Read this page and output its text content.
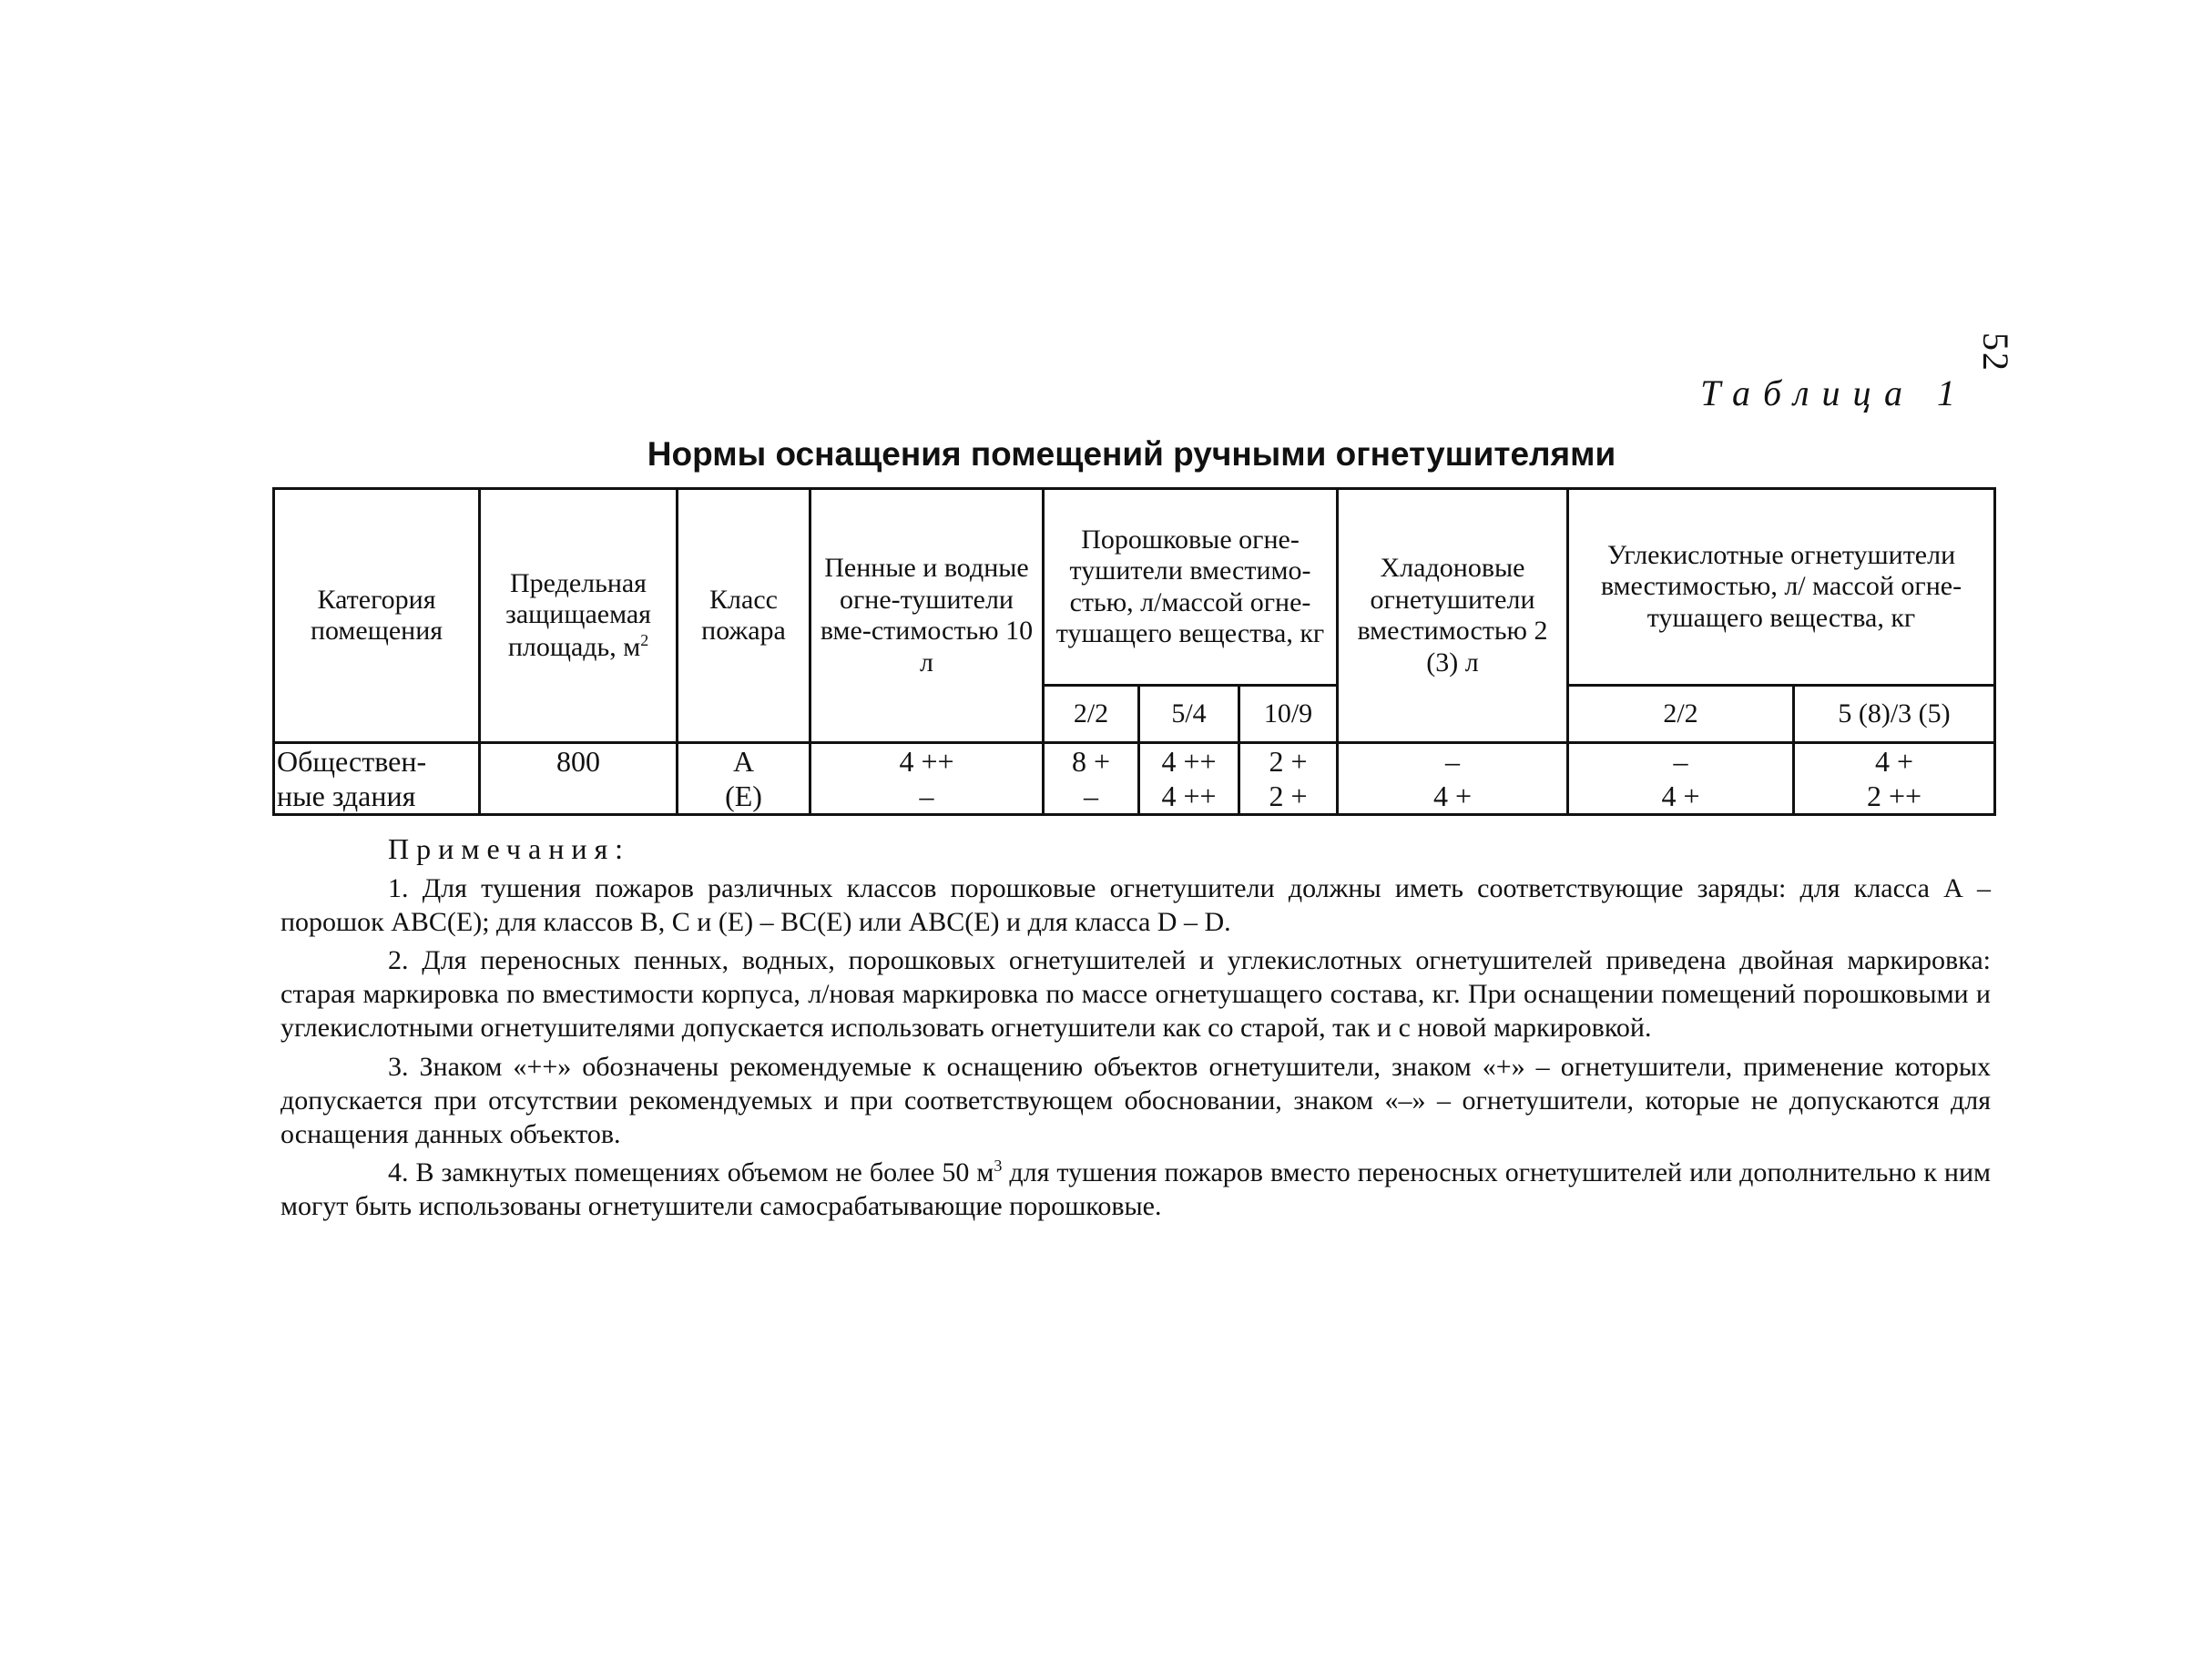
52
Таблица 1
Нормы оснащения помещений ручными огнетушителями
Категория помещения	Предельная защищаемая площадь, $м^2$	Класс пожара	Пенные и водные огне-тушители вме-стимостью 10 л	Порошковые огне-тушители вместимо-стью, л/массой огне-тушащего вещества, кг			Хладоновые огнетушители вместимостью 2 (3) л	Углекислотные огнетушители вместимостью, л/ массой огне-тушащего вещества, кг	
				2/2	5/4	10/9		2/2	5 (8)/3 (5)
Обществен-	800	А	4 ++	8 +	4 ++	2 +	–	–	4 +
ные здания		(Е)	–	–	4 ++	2 +	4 +	4 +	2 ++
Примечания:

1. Для тушения пожаров различных классов порошковые огнетушители должны иметь соответствующие заряды: для класса А – порошок АВС(Е); для классов В, С и (Е) – ВС(Е) или АВС(Е) и для класса D – D.

2. Для переносных пенных, водных, порошковых огнетушителей и углекислотных огнетушителей приведена двойная маркировка: старая маркировка по вместимости корпуса, л/новая маркировка по массе огнетушащего состава, кг. При оснащении помещений порошковыми и углекислотными огнетушителями допускается использовать огнетушители как со старой, так и с новой маркировкой.

3. Знаком «++» обозначены рекомендуемые к оснащению объектов огнетушители, знаком «+» – огнетушители, применение которых допускается при отсутствии рекомендуемых и при соответствующем обосновании, знаком «–» – огнетушители, которые не допускаются для оснащения данных объектов.

4. В замкнутых помещениях объемом не более 50 $м^3$ для тушения пожаров вместо переносных огнетушителей или дополнительно к ним могут быть использованы огнетушители самосрабатывающие порошковые.
